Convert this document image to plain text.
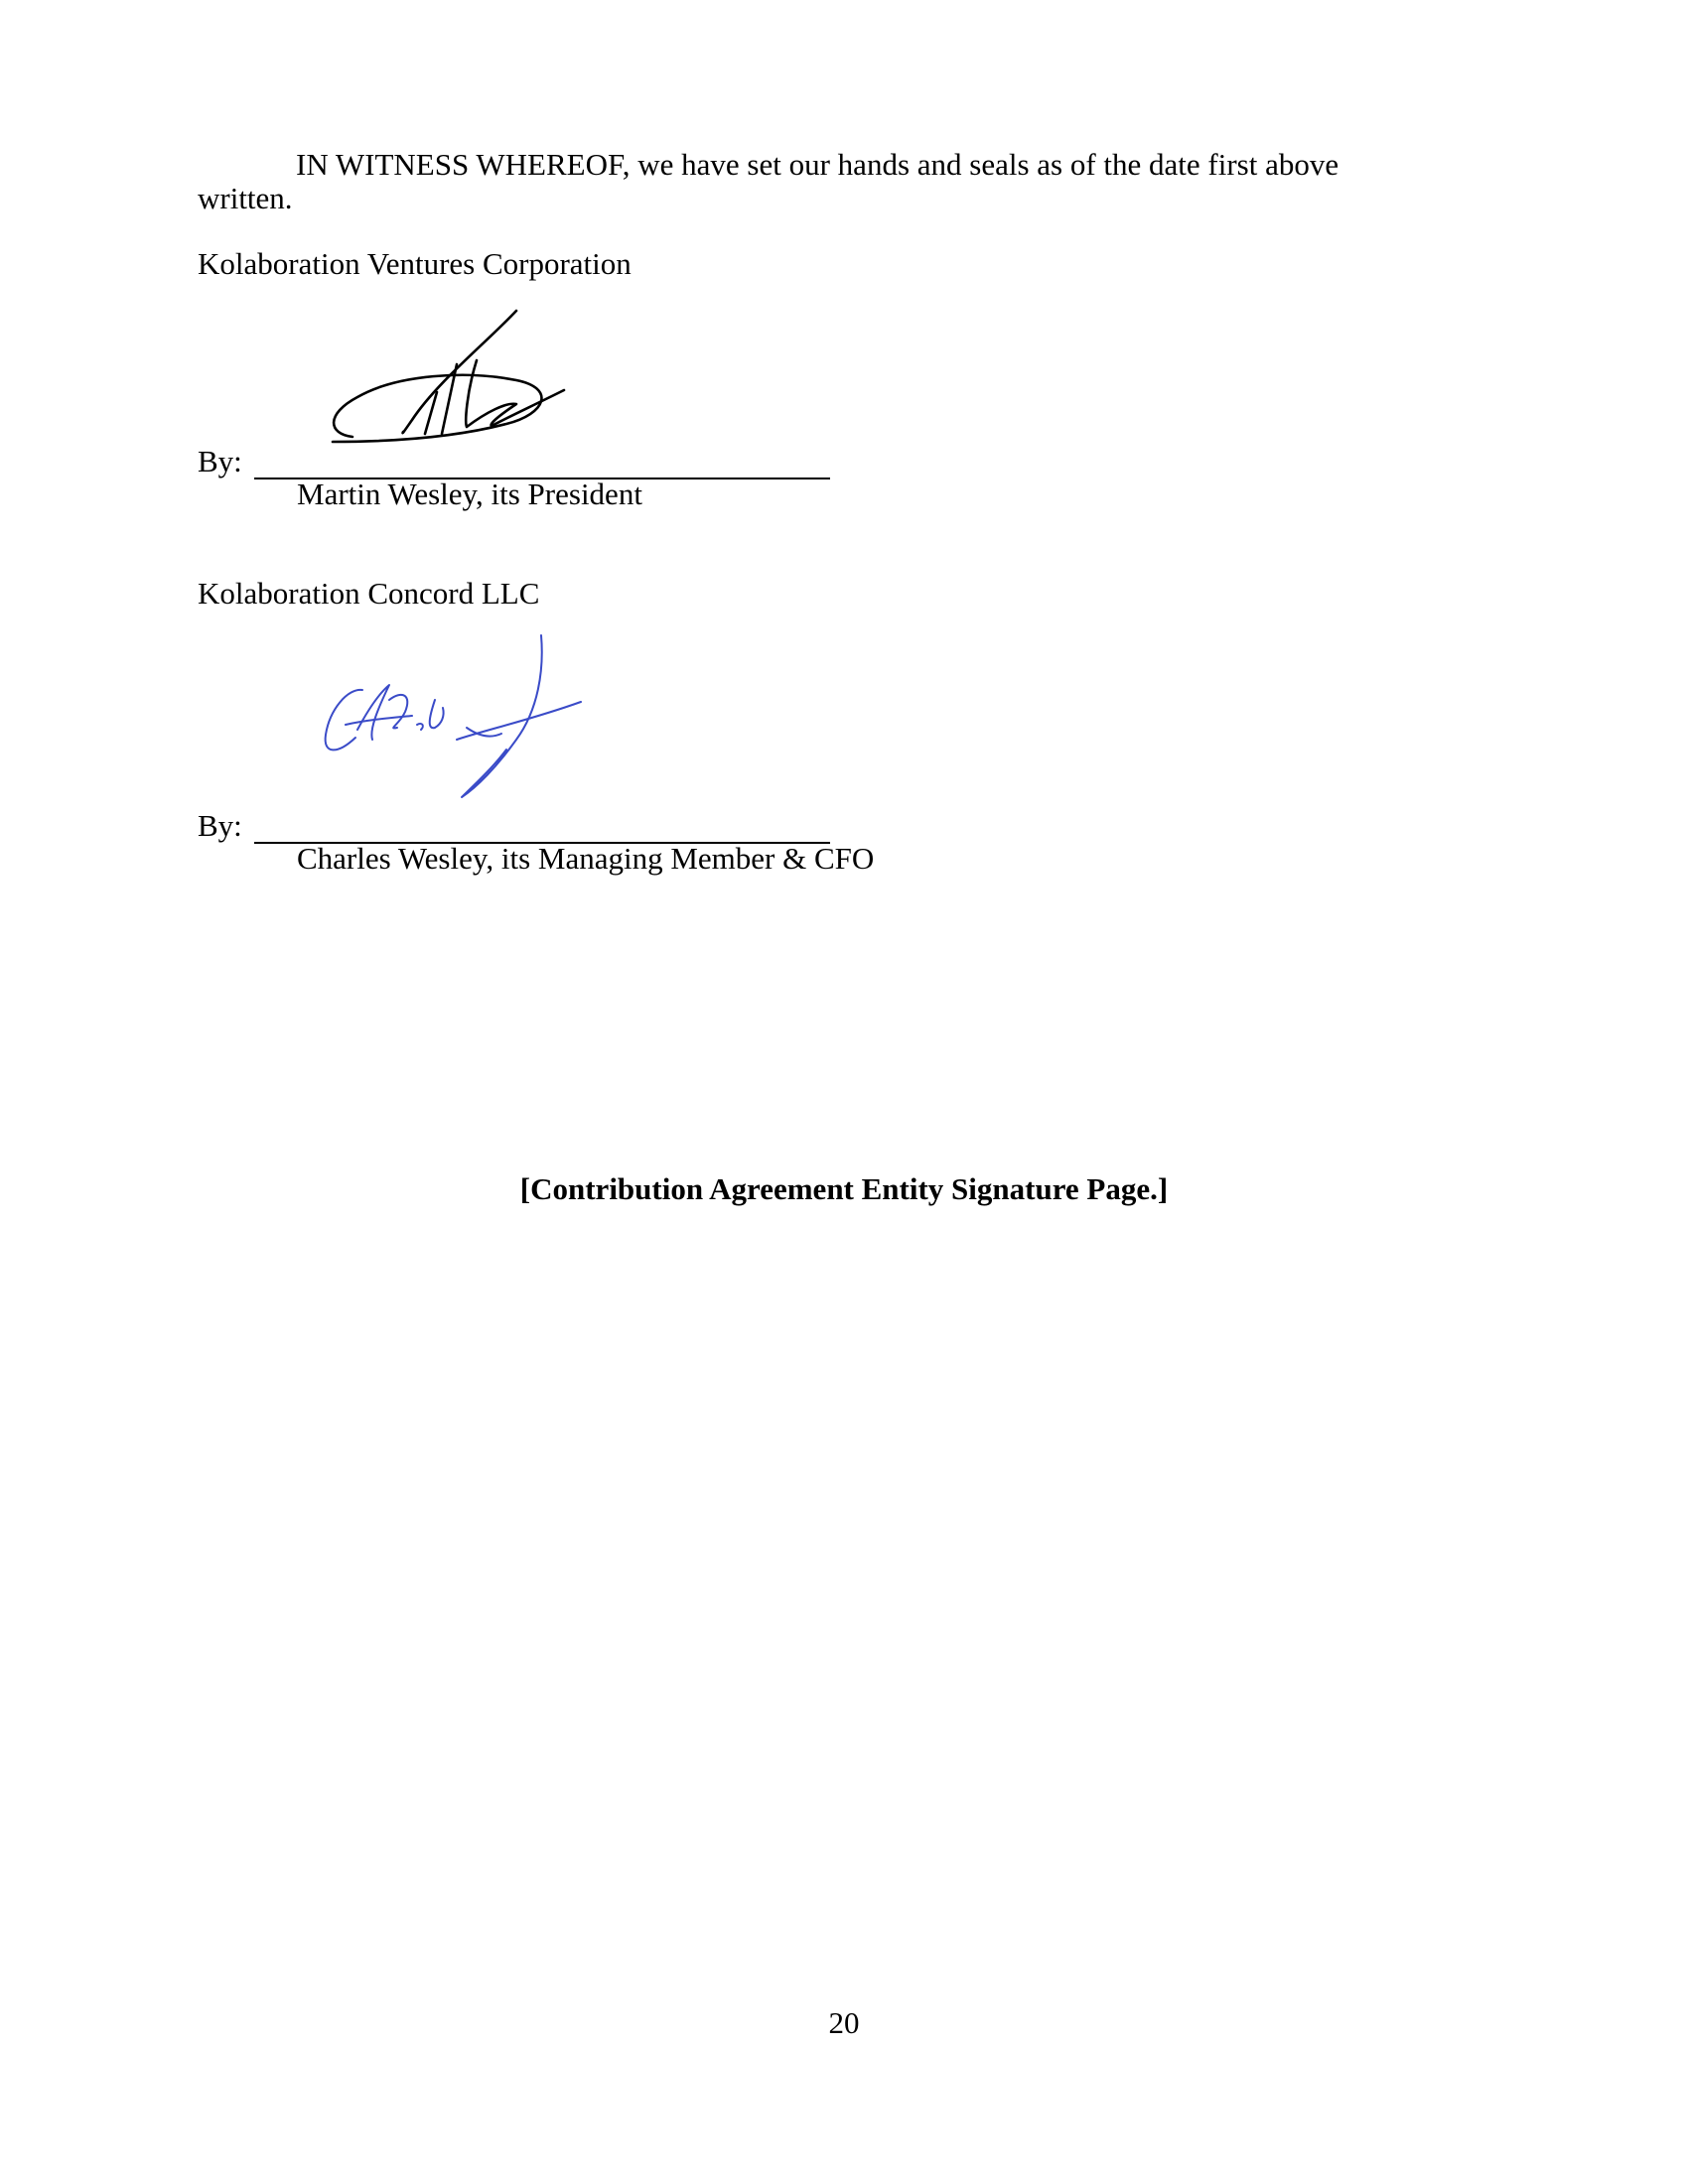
IN WITNESS WHEREOF, we have set our hands and seals as of the date first above
written.
Kolaboration Ventures Corporation
By:
Martin Wesley, its President
Kolaboration Concord LLC
By:
Charles Wesley, its Managing Member & CFO
[Contribution Agreement Entity Signature Page.]
20
